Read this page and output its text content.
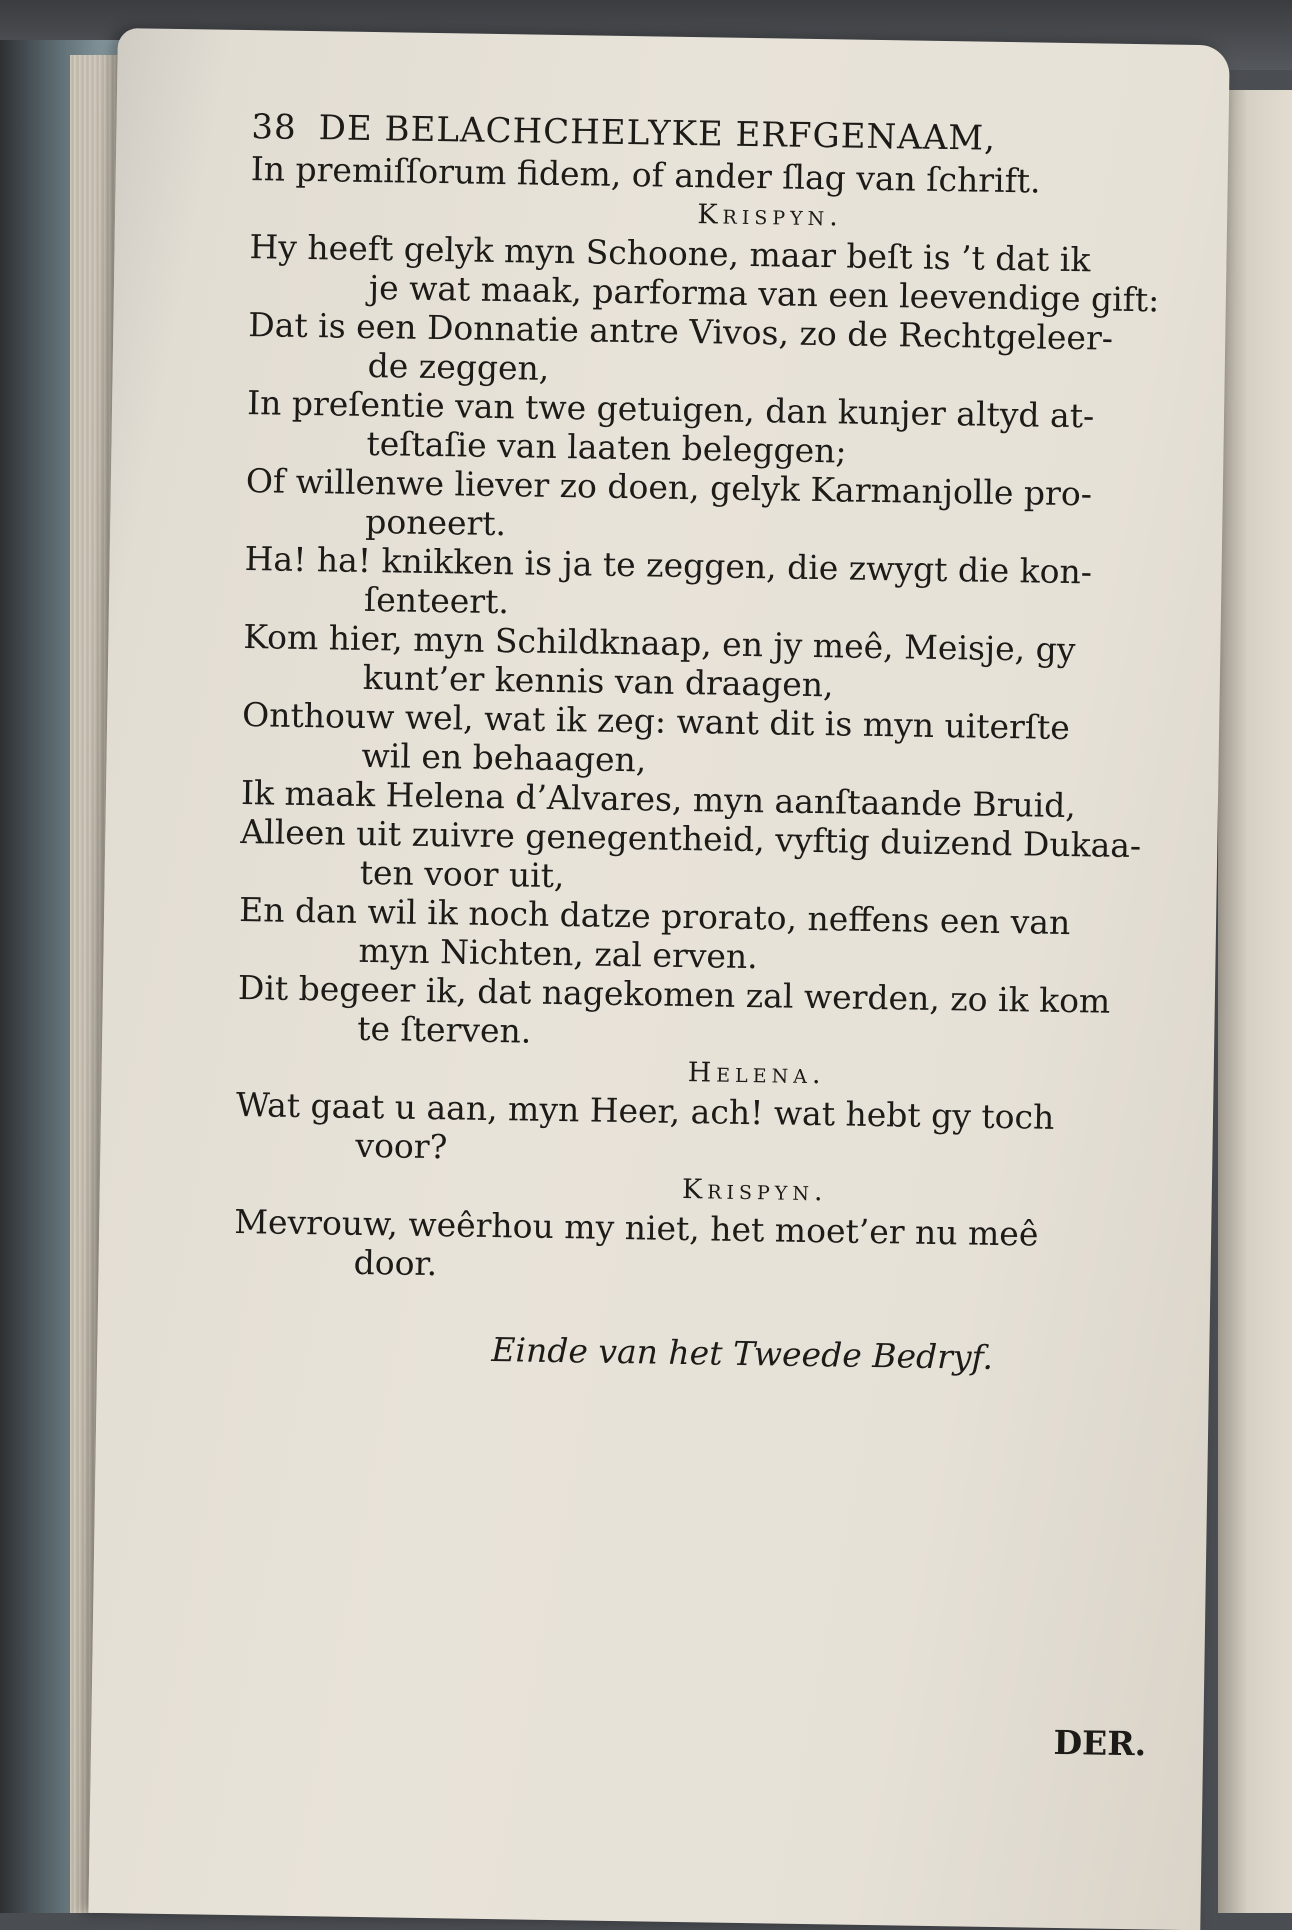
38 DE BELACHCHELYKE ERFGENAAM,
In premiſſorum fidem, of ander ſlag van ſchrift.
Krispyn.
Hy heeft gelyk myn Schoone, maar beſt is ’t dat ik
je wat maak, parforma van een leevendige gift:
Dat is een Donnatie antre Vivos, zo de Rechtgeleer-
de zeggen,
In preſentie van twe getuigen, dan kunjer altyd at-
teſtaſie van laaten beleggen;
Of willenwe liever zo doen, gelyk Karmanjolle pro-
poneert.
Ha! ha! knikken is ja te zeggen, die zwygt die kon-
ſenteert.
Kom hier, myn Schildknaap, en jy meê, Meisje, gy
kunt’er kennis van draagen,
Onthouw wel, wat ik zeg: want dit is myn uiterſte
wil en behaagen,
Ik maak Helena d’Alvares, myn aanſtaande Bruid,
Alleen uit zuivre genegentheid, vyftig duizend Dukaa-
ten voor uit,
En dan wil ik noch datze prorato, neffens een van
myn Nichten, zal erven.
Dit begeer ik, dat nagekomen zal werden, zo ik kom
te ſterven.
Helena.
Wat gaat u aan, myn Heer, ach! wat hebt gy toch
voor?
Krispyn.
Mevrouw, weêrhou my niet, het moet’er nu meê
door.
Einde van het Tweede Bedryf.
DER.
